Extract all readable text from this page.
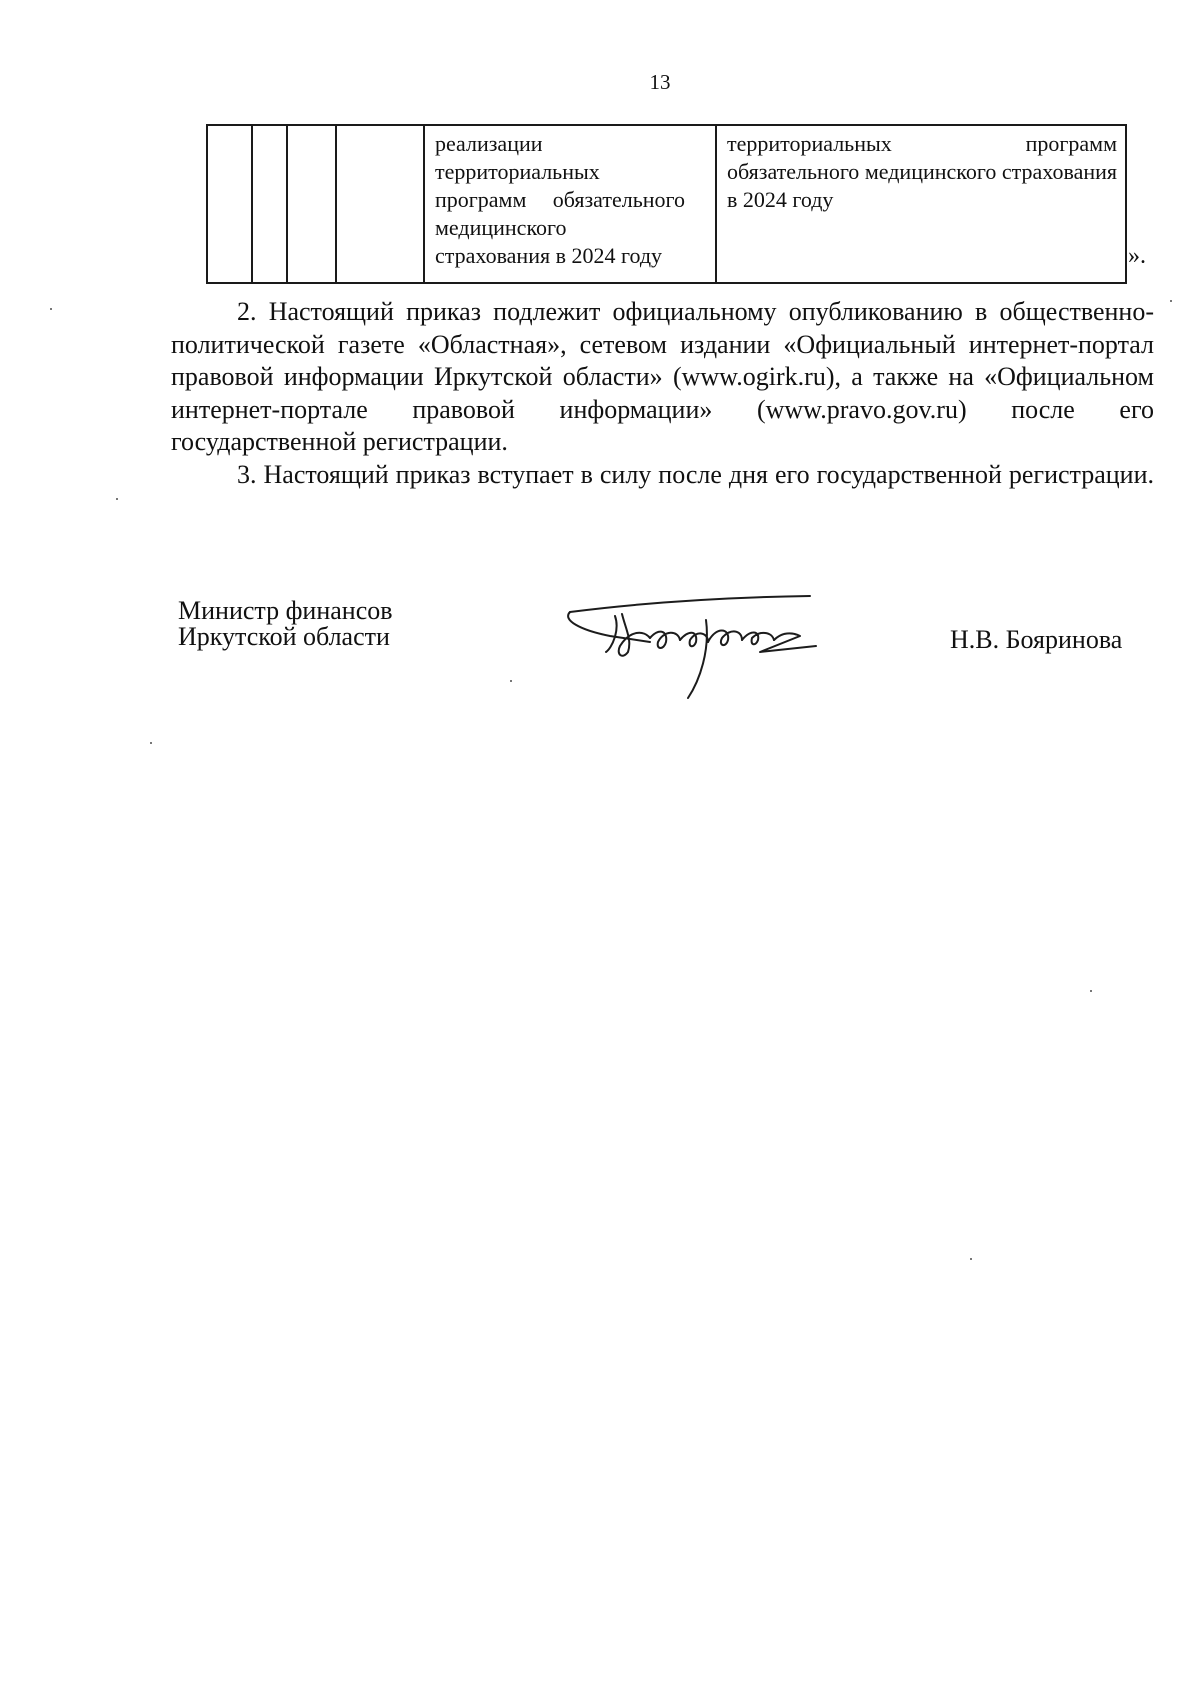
13

реализации территориальных программ обязательного медицинского страхования в 2024 году

территориальных программ обязательного медицинского страхования в 2024 году
».

2. Настоящий приказ подлежит официальному опубликованию в общественно-политической газете «Областная», сетевом издании «Официальный интернет-портал правовой информации Иркутской области» (www.ogirk.ru), а также на «Официальном интернет-портале правовой информации» (www.pravo.gov.ru) после его государственной регистрации.

3. Настоящий приказ вступает в силу после дня его государственной регистрации.

Министр финансов
Иркутской области	Н.В. Бояринова
